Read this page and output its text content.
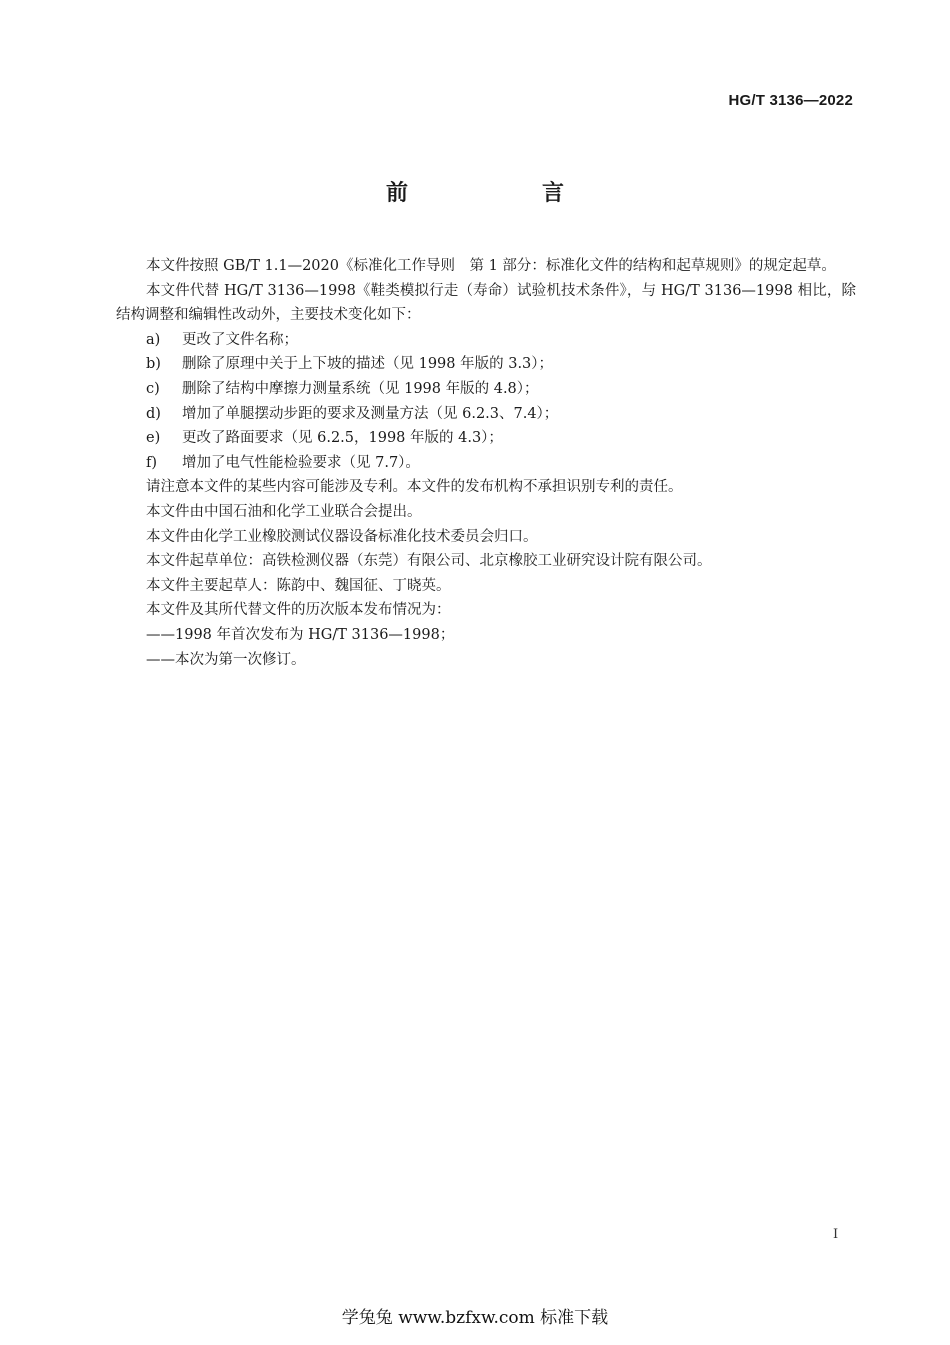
HG/T 3136—2022
前　言

本文件按照 GB/T 1.1—2020《标准化工作导则　第 1 部分：标准化文件的结构和起草规则》的规定起草。

本文件代替 HG/T 3136—1998《鞋类模拟行走（寿命）试验机技术条件》，与 HG/T 3136—1998 相比，除结构调整和编辑性改动外，主要技术变化如下：

a) 更改了文件名称；
b) 删除了原理中关于上下坡的描述（见 1998 年版的 3.3）；
c) 删除了结构中摩擦力测量系统（见 1998 年版的 4.8）；
d) 增加了单腿摆动步距的要求及测量方法（见 6.2.3、7.4）；
e) 更改了路面要求（见 6.2.5，1998 年版的 4.3）；
f) 增加了电气性能检验要求（见 7.7）。

请注意本文件的某些内容可能涉及专利。本文件的发布机构不承担识别专利的责任。

本文件由中国石油和化学工业联合会提出。

本文件由化学工业橡胶测试仪器设备标准化技术委员会归口。

本文件起草单位：高铁检测仪器（东莞）有限公司、北京橡胶工业研究设计院有限公司。

本文件主要起草人：陈韵中、魏国征、丁晓英。

本文件及其所代替文件的历次版本发布情况为：

——1998 年首次发布为 HG/T 3136—1998；

——本次为第一次修订。

I
学兔兔 www.bzfxw.com 标准下载
